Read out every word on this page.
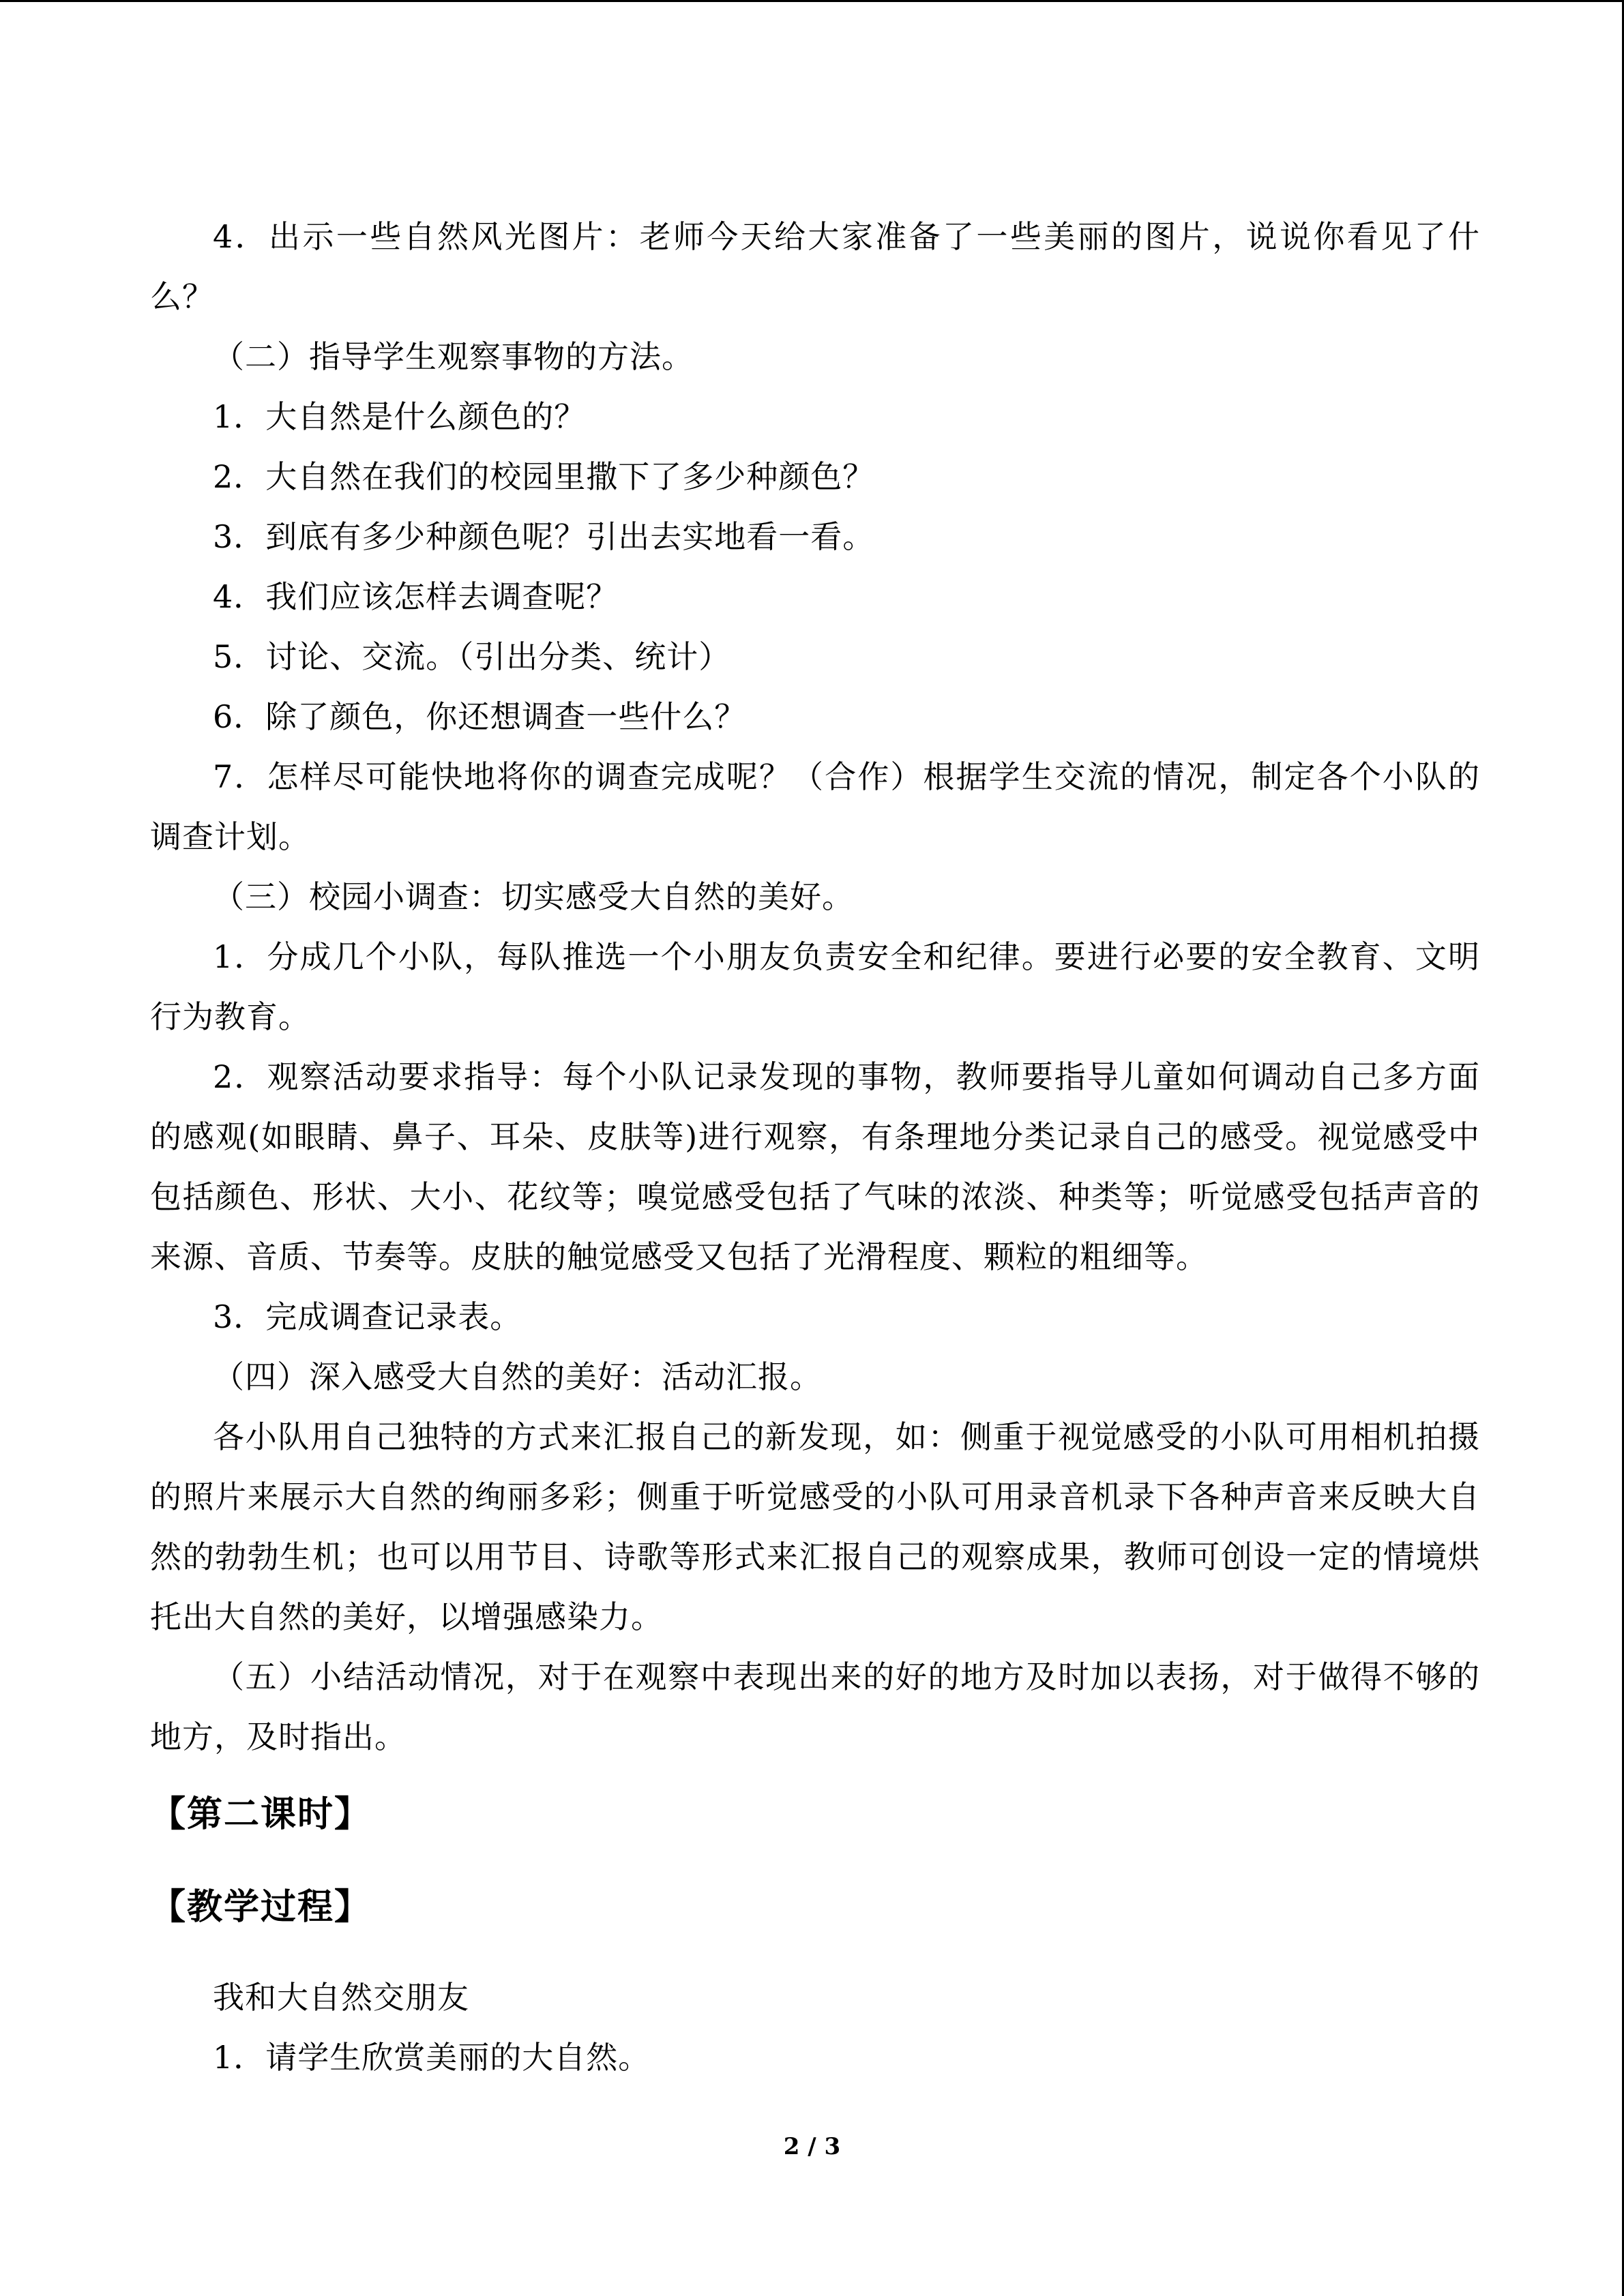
4．出示一些自然风光图片：老师今天给大家准备了一些美丽的图片，说说你看见了什么？

（二）指导学生观察事物的方法。

1．大自然是什么颜色的？

2．大自然在我们的校园里撒下了多少种颜色？

3．到底有多少种颜色呢？引出去实地看一看。

4．我们应该怎样去调查呢？

5．讨论、交流。（引出分类、统计）

6．除了颜色，你还想调查一些什么？

7．怎样尽可能快地将你的调查完成呢？（合作）根据学生交流的情况，制定各个小队的调查计划。

（三）校园小调查：切实感受大自然的美好。

1．分成几个小队，每队推选一个小朋友负责安全和纪律。要进行必要的安全教育、文明行为教育。

2．观察活动要求指导：每个小队记录发现的事物，教师要指导儿童如何调动自己多方面的感观(如眼睛、鼻子、耳朵、皮肤等)进行观察，有条理地分类记录自己的感受。视觉感受中包括颜色、形状、大小、花纹等；嗅觉感受包括了气味的浓淡、种类等；听觉感受包括声音的来源、音质、节奏等。皮肤的触觉感受又包括了光滑程度、颗粒的粗细等。

3．完成调查记录表。

（四）深入感受大自然的美好：活动汇报。

各小队用自己独特的方式来汇报自己的新发现，如：侧重于视觉感受的小队可用相机拍摄的照片来展示大自然的绚丽多彩；侧重于听觉感受的小队可用录音机录下各种声音来反映大自然的勃勃生机；也可以用节目、诗歌等形式来汇报自己的观察成果，教师可创设一定的情境烘托出大自然的美好，以增强感染力。

（五）小结活动情况，对于在观察中表现出来的好的地方及时加以表扬，对于做得不够的地方，及时指出。

【第二课时】
【教学过程】

我和大自然交朋友

1．请学生欣赏美丽的大自然。

2 / 3
